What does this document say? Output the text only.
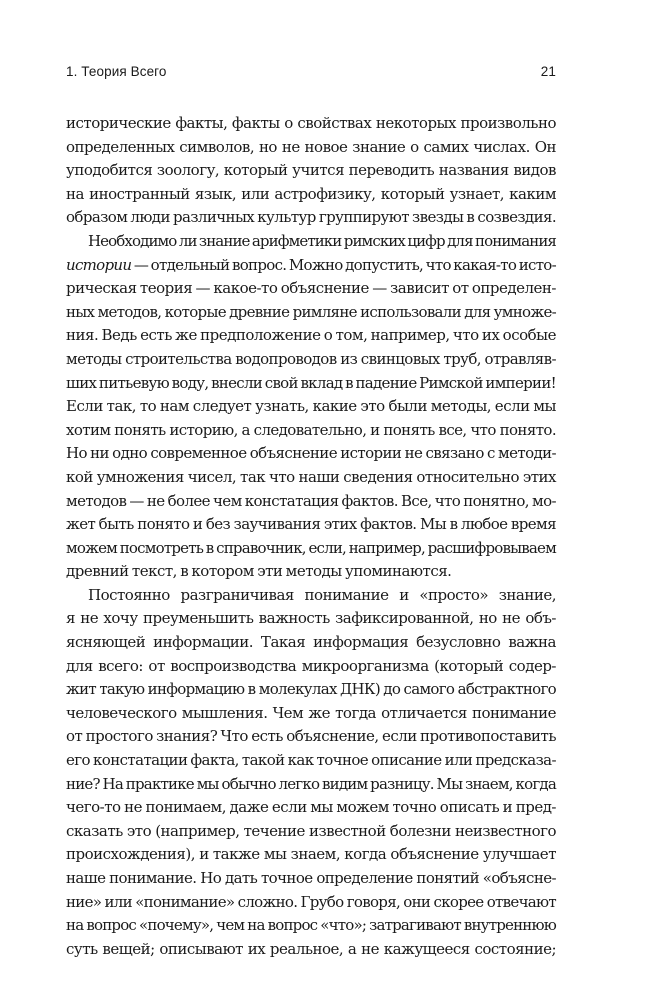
1. Теория Всего	21
исторические факты, факты о свойствах некоторых произвольно
определенных символов, но не новое знание о самих числах. Он
уподобится зоологу, который учится переводить названия видов
на иностранный язык, или астрофизику, который узнает, каким
образом люди различных культур группируют звезды в созвездия.
Необходимо ли знание арифметики римских цифр для понимания
истории — отдельный вопрос. Можно допустить, что какая-то исто-
рическая теория — какое-то объяснение — зависит от определен-
ных методов, которые древние римляне использовали для умноже-
ния. Ведь есть же предположение о том, например, что их особые
методы строительства водопроводов из свинцовых труб, отравляв-
ших питьевую воду, внесли свой вклад в падение Римской империи!
Если так, то нам следует узнать, какие это были методы, если мы
хотим понять историю, а следовательно, и понять все, что понято.
Но ни одно современное объяснение истории не связано с методи-
кой умножения чисел, так что наши сведения относительно этих
методов — не более чем констатация фактов. Все, что понятно, мо-
жет быть понято и без заучивания этих фактов. Мы в любое время
можем посмотреть в справочник, если, например, расшифровываем
древний текст, в котором эти методы упоминаются.
Постоянно разграничивая понимание и «просто» знание,
я не хочу преуменьшить важность зафиксированной, но не объ-
ясняющей информации. Такая информация безусловно важна
для всего: от воспроизводства микроорганизма (который содер-
жит такую информацию в молекулах ДНК) до самого абстрактного
человеческого мышления. Чем же тогда отличается понимание
от простого знания? Что есть объяснение, если противопоставить
его констатации факта, такой как точное описание или предсказа-
ние? На практике мы обычно легко видим разницу. Мы знаем, когда
чего-то не понимаем, даже если мы можем точно описать и пред-
сказать это (например, течение известной болезни неизвестного
происхождения), и также мы знаем, когда объяснение улучшает
наше понимание. Но дать точное определение понятий «объясне-
ние» или «понимание» сложно. Грубо говоря, они скорее отвечают
на вопрос «почему», чем на вопрос «что»; затрагивают внутреннюю
суть вещей; описывают их реальное, а не кажущееся состояние;
